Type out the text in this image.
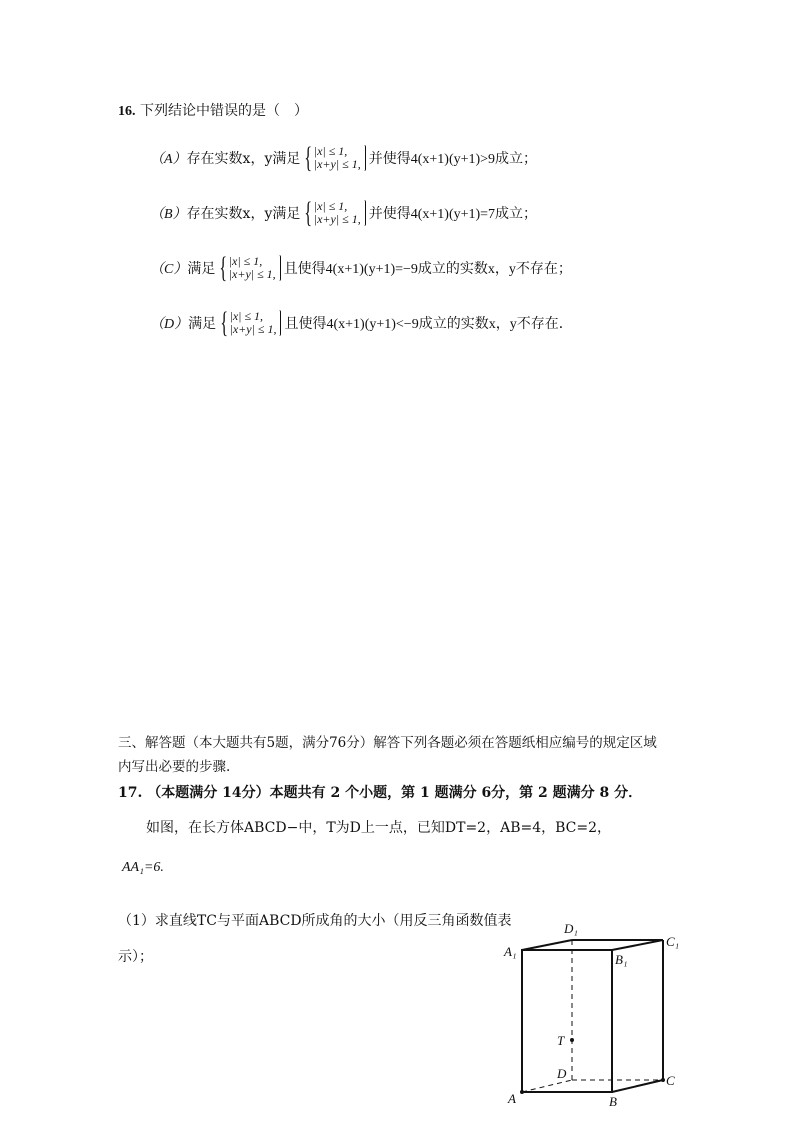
16. 下列结论中错误的是（　）
（A） 存在实数x，y满足 { |x| ≤ 1,
|x+y| ≤ 1, 并使得4(x+1)(y+1)>9成立；
（B） 存在实数x，y满足 { |x| ≤ 1,
|x+y| ≤ 1, 并使得4(x+1)(y+1)=7成立；
（C） 满足 { |x| ≤ 1,
|x+y| ≤ 1, 且使得4(x+1)(y+1)=−9成立的实数x，y不存在；
（D） 满足 { |x| ≤ 1,
|x+y| ≤ 1, 且使得4(x+1)(y+1)<−9成立的实数x，y不存在．
三、解答题（本大题共有5题，满分76分）解答下列各题必须在答题纸相应编号的规定区域
内写出必要的步骤.
17. （本题满分 14分）本题共有 2 个小题，第 1 题满分 6分，第 2 题满分 8 分．
如图，在长方体ABCD−中，T为D上一点，已知DT=2，AB=4，BC=2，
AA₁=6.
（1）求直线TC与平面ABCD所成角的大小（用反三角函数值表
示）；	A₁
B₁
C₁
D₁
T
D
A	B
C
